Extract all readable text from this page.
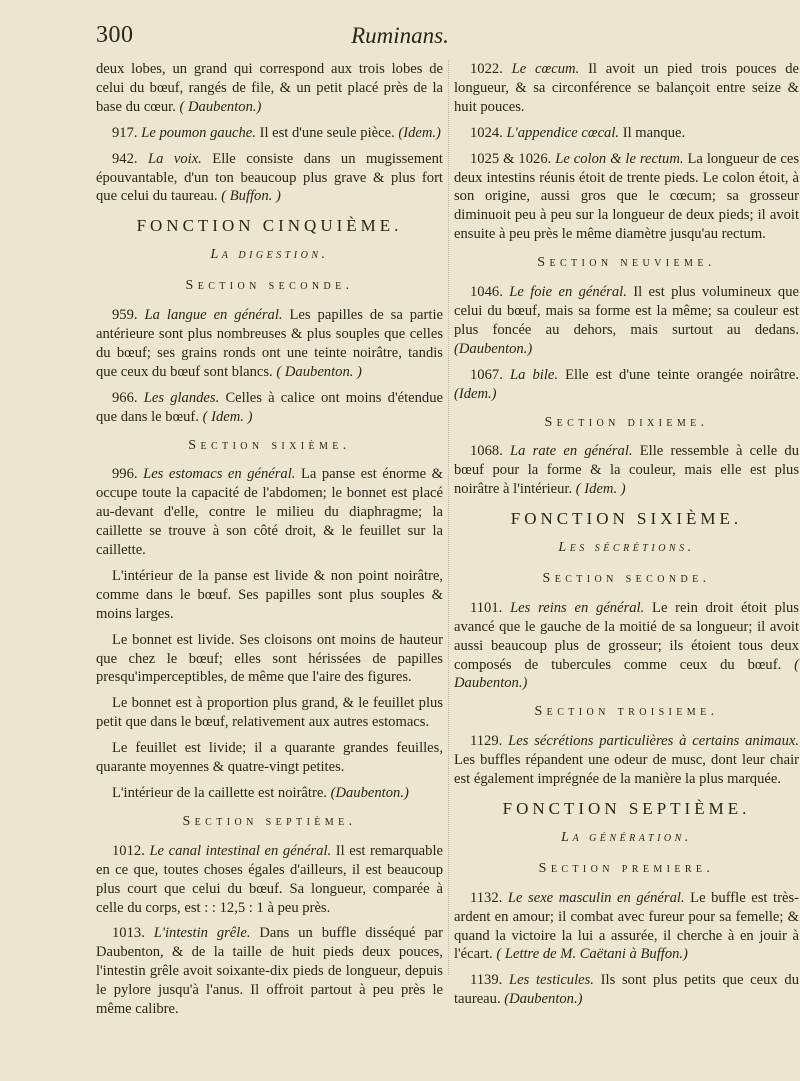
300	Ruminans.

deux lobes, un grand qui correspond aux trois lobes de celui du bœuf, rangés de file, & un petit placé près de la base du cœur. ( Daubenton.)

917. Le poumon gauche. Il est d'une seule pièce. (Idem.)

942. La voix. Elle consiste dans un mugissement épouvantable, d'un ton beaucoup plus grave & plus fort que celui du taureau. ( Buffon. )

FONCTION CINQUIÈME.
La digestion.
Section seconde.

959. La langue en général. Les papilles de sa partie antérieure sont plus nombreuses & plus souples que celles du bœuf; ses grains ronds ont une teinte noirâtre, tandis que ceux du bœuf sont blancs. ( Daubenton. )

966. Les glandes. Celles à calice ont moins d'étendue que dans le bœuf. ( Idem. )

Section sixième.

996. Les estomacs en général. La panse est énorme & occupe toute la capacité de l'abdomen; le bonnet est placé au-devant d'elle, contre le milieu du diaphragme; la caillette se trouve à son côté droit, & le feuillet sur la caillette.

L'intérieur de la panse est livide & non point noirâtre, comme dans le bœuf. Ses papilles sont plus souples & moins larges.

Le bonnet est livide. Ses cloisons ont moins de hauteur que chez le bœuf; elles sont hérissées de papilles presqu'imperceptibles, de même que l'aire des figures.

Le bonnet est à proportion plus grand, & le feuillet plus petit que dans le bœuf, relativement aux autres estomacs.

Le feuillet est livide; il a quarante grandes feuilles, quarante moyennes & quatre-vingt petites.

L'intérieur de la caillette est noirâtre. (Daubenton.)

Section septième.

1012. Le canal intestinal en général. Il est remarquable en ce que, toutes choses égales d'ailleurs, il est beaucoup plus court que celui du bœuf. Sa longueur, comparée à celle du corps, est : : 12,5 : 1 à peu près.

1013. L'intestin grêle. Dans un buffle disséqué par Daubenton, & de la taille de huit pieds deux pouces, l'intestin grêle avoit soixante-dix pieds de longueur, depuis le pylore jusqu'à l'anus. Il offroit partout à peu près le même calibre.

1022. Le cœcum. Il avoit un pied trois pouces de longueur, & sa circonférence se balançoit entre seize & huit pouces.

1024. L'appendice cœcal. Il manque.

1025 & 1026. Le colon & le rectum. La longueur de ces deux intestins réunis étoit de trente pieds. Le colon étoit, à son origine, aussi gros que le cœcum; sa grosseur diminuoit peu à peu sur la longueur de deux pieds; il avoit ensuite à peu près le même diamètre jusqu'au rectum.

Section neuvieme.

1046. Le foie en général. Il est plus volumineux que celui du bœuf, mais sa forme est la même; sa couleur est plus foncée au dehors, mais surtout au dedans. (Daubenton.)

1067. La bile. Elle est d'une teinte orangée noirâtre. (Idem.)

Section dixieme.

1068. La rate en général. Elle ressemble à celle du bœuf pour la forme & la couleur, mais elle est plus noirâtre à l'intérieur. ( Idem. )

FONCTION SIXIÈME.
Les sécrétions.
Section seconde.

1101. Les reins en général. Le rein droit étoit plus avancé que le gauche de la moitié de sa longueur; il avoit aussi beaucoup plus de grosseur; ils étoient tous deux composés de tubercules comme ceux du bœuf. ( Daubenton.)

Section troisieme.

1129. Les sécrétions particulières à certains animaux. Les buffles répandent une odeur de musc, dont leur chair est également imprégnée de la manière la plus marquée.

FONCTION SEPTIÈME.
La génération.
Section premiere.

1132. Le sexe masculin en général. Le buffle est très-ardent en amour; il combat avec fureur pour sa femelle; & quand la victoire la lui a assurée, il cherche à en jouir à l'écart. ( Lettre de M. Caëtani à Buffon.)

1139. Les testicules. Ils sont plus petits que ceux du taureau. (Daubenton.)
